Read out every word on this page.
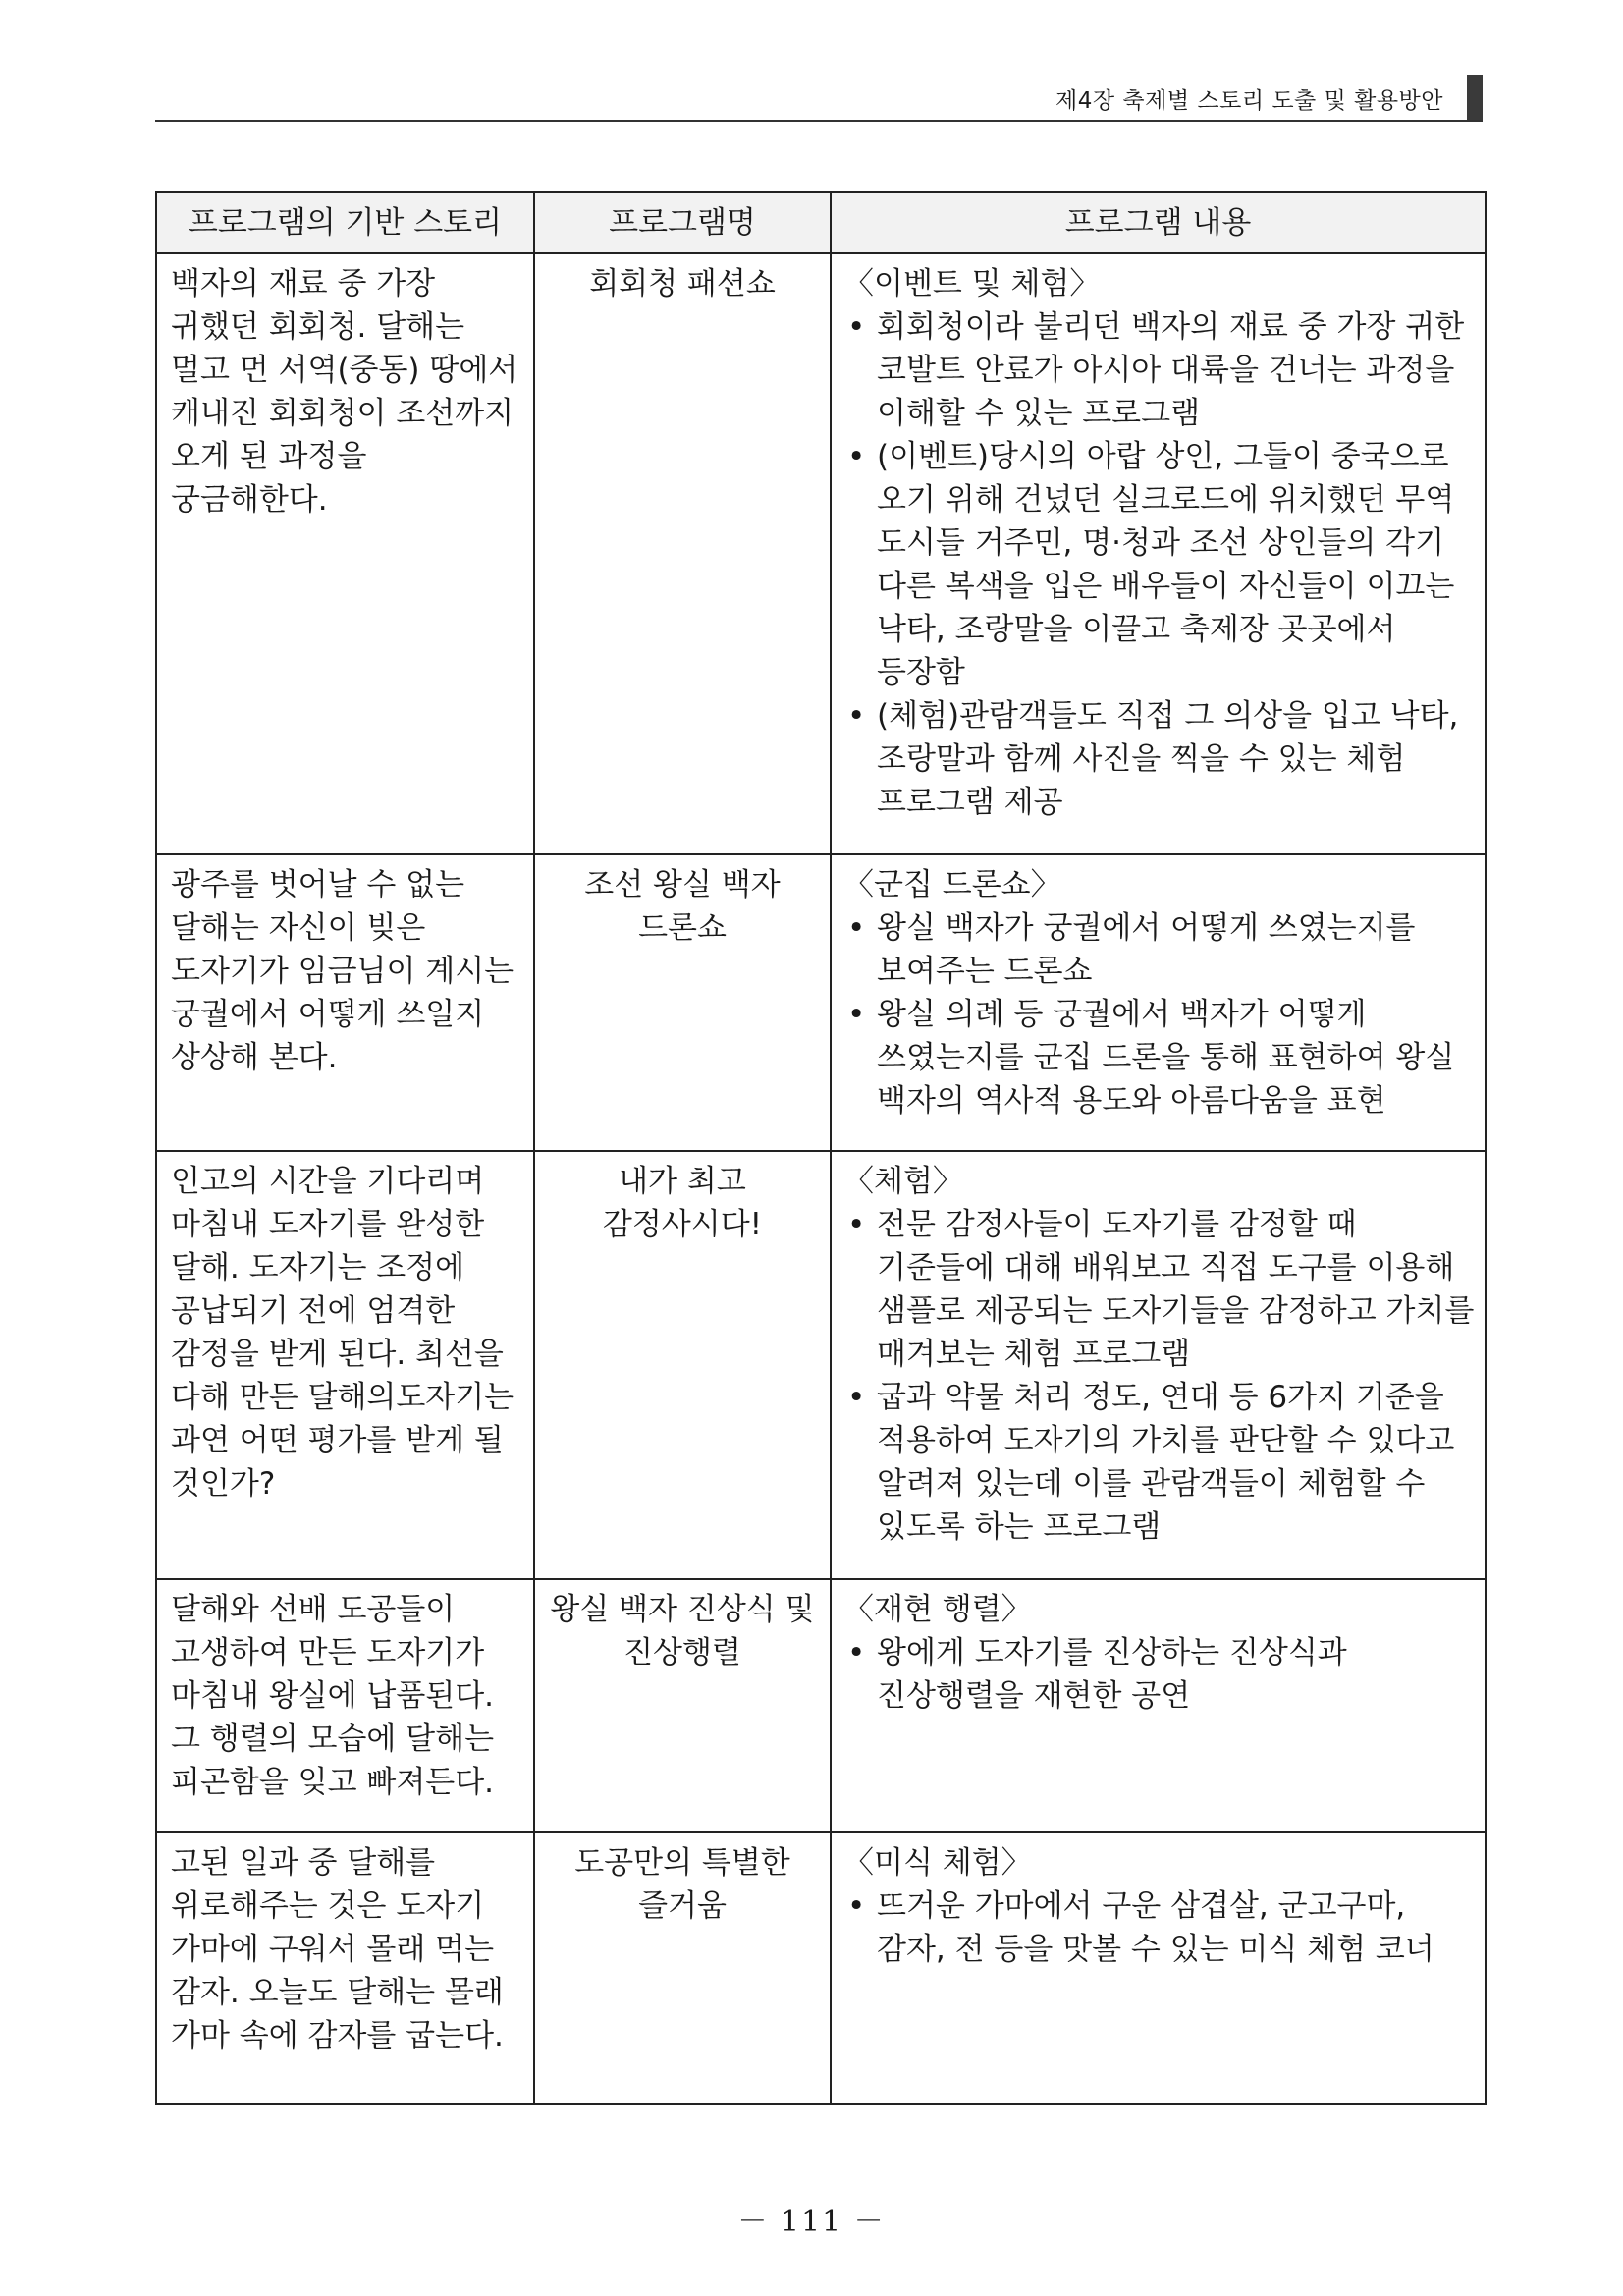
제4장 축제별 스토리 도출 및 활용방안
프로그램의 기반 스토리	프로그램명	프로그램 내용

백자의 재료 중 가장 귀했던 회회청. 달해는 멀고 먼 서역(중동) 땅에서 캐내진 회회청이 조선까지 오게 된 과정을 궁금해한다.	회회청 패션쇼	〈이벤트 및 체험〉
• 회회청이라 불리던 백자의 재료 중 가장 귀한 코발트 안료가 아시아 대륙을 건너는 과정을 이해할 수 있는 프로그램
• (이벤트)당시의 아랍 상인, 그들이 중국으로 오기 위해 건넜던 실크로드에 위치했던 무역 도시들 거주민, 명·청과 조선 상인들의 각기 다른 복색을 입은 배우들이 자신들이 이끄는 낙타, 조랑말을 이끌고 축제장 곳곳에서 등장함
• (체험)관람객들도 직접 그 의상을 입고 낙타, 조랑말과 함께 사진을 찍을 수 있는 체험 프로그램 제공

광주를 벗어날 수 없는 달해는 자신이 빚은 도자기가 임금님이 계시는 궁궐에서 어떻게 쓰일지 상상해 본다.	조선 왕실 백자 드론쇼	〈군집 드론쇼〉
• 왕실 백자가 궁궐에서 어떻게 쓰였는지를 보여주는 드론쇼
• 왕실 의례 등 궁궐에서 백자가 어떻게 쓰였는지를 군집 드론을 통해 표현하여 왕실 백자의 역사적 용도와 아름다움을 표현

인고의 시간을 기다리며 마침내 도자기를 완성한 달해. 도자기는 조정에 공납되기 전에 엄격한 감정을 받게 된다. 최선을 다해 만든 달해의도자기는 과연 어떤 평가를 받게 될 것인가?	내가 최고 감정사시다!	〈체험〉
• 전문 감정사들이 도자기를 감정할 때 기준들에 대해 배워보고 직접 도구를 이용해 샘플로 제공되는 도자기들을 감정하고 가치를 매겨보는 체험 프로그램
• 굽과 약물 처리 정도, 연대 등 6가지 기준을 적용하여 도자기의 가치를 판단할 수 있다고 알려져 있는데 이를 관람객들이 체험할 수 있도록 하는 프로그램

달해와 선배 도공들이 고생하여 만든 도자기가 마침내 왕실에 납품된다. 그 행렬의 모습에 달해는 피곤함을 잊고 빠져든다.	왕실 백자 진상식 및 진상행렬	〈재현 행렬〉
• 왕에게 도자기를 진상하는 진상식과 진상행렬을 재현한 공연

고된 일과 중 달해를 위로해주는 것은 도자기 가마에 구워서 몰래 먹는 감자. 오늘도 달해는 몰래 가마 속에 감자를 굽는다.	도공만의 특별한 즐거움	〈미식 체험〉
• 뜨거운 가마에서 구운 삼겹살, 군고구마, 감자, 전 등을 맛볼 수 있는 미식 체험 코너
－ 111 －
